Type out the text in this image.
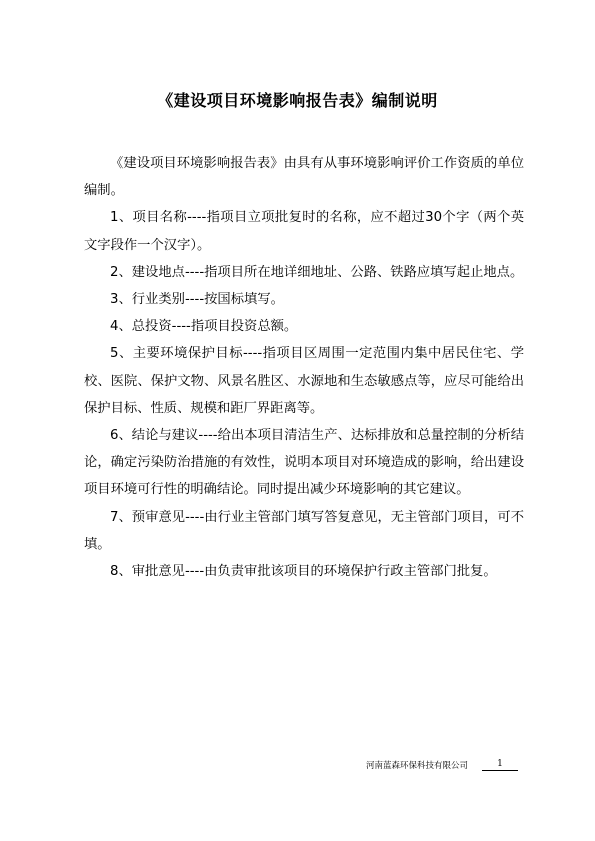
《建设项目环境影响报告表》编制说明

《建设项目环境影响报告表》由具有从事环境影响评价工作资质的单位编制。

1、项目名称----指项目立项批复时的名称，应不超过30个字（两个英文字段作一个汉字）。

2、建设地点----指项目所在地详细地址、公路、铁路应填写起止地点。

3、行业类别----按国标填写。

4、总投资----指项目投资总额。

5、主要环境保护目标----指项目区周围一定范围内集中居民住宅、学校、医院、保护文物、风景名胜区、水源地和生态敏感点等，应尽可能给出保护目标、性质、规模和距厂界距离等。

6、结论与建议----给出本项目清洁生产、达标排放和总量控制的分析结论，确定污染防治措施的有效性，说明本项目对环境造成的影响，给出建设项目环境可行性的明确结论。同时提出减少环境影响的其它建议。

7、预审意见----由行业主管部门填写答复意见，无主管部门项目，可不填。

8、审批意见----由负责审批该项目的环境保护行政主管部门批复。

河南蓝森环保科技有限公司	1
